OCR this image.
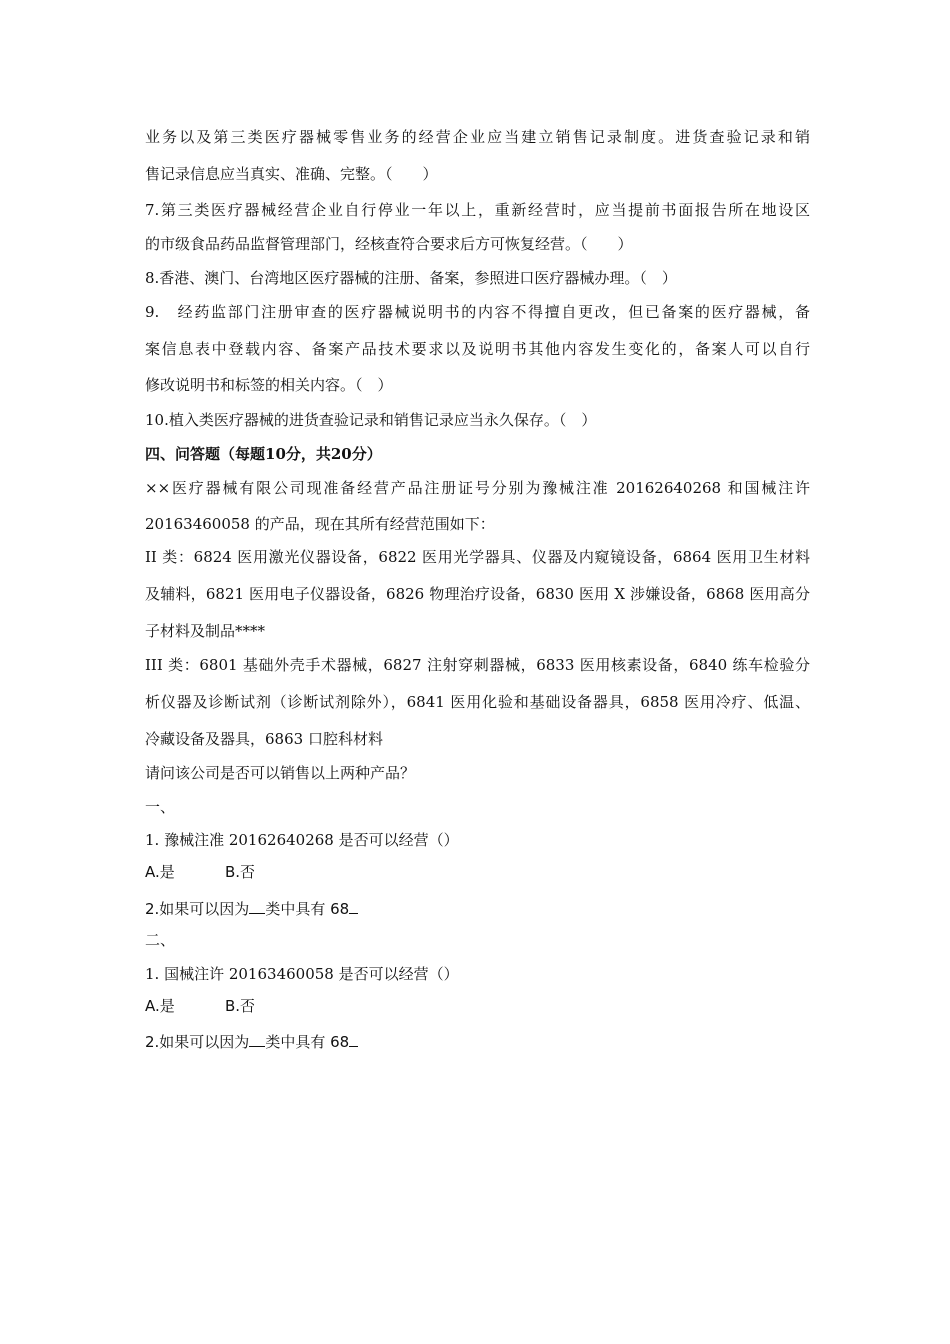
业务以及第三类医疗器械零售业务的经营企业应当建立销售记录制度。进货查验记录和销
售记录信息应当真实、准确、完整。（　　）
7.第三类医疗器械经营企业自行停业一年以上，重新经营时，应当提前书面报告所在地设区
的市级食品药品监督管理部门，经核查符合要求后方可恢复经营。（　　）
8.香港、澳门、台湾地区医疗器械的注册、备案，参照进口医疗器械办理。（　）
9.　经药监部门注册审查的医疗器械说明书的内容不得擅自更改，但已备案的医疗器械，备
案信息表中登载内容、备案产品技术要求以及说明书其他内容发生变化的，备案人可以自行
修改说明书和标签的相关内容。（　）
10.植入类医疗器械的进货查验记录和销售记录应当永久保存。（　）
四、问答题（每题10分，共20分）
××医疗器械有限公司现准备经营产品注册证号分别为豫械注准 20162640268 和国械注许
20163460058 的产品，现在其所有经营范围如下：
II 类：6824 医用激光仪器设备，6822 医用光学器具、仪器及内窥镜设备，6864 医用卫生材料
及辅料，6821 医用电子仪器设备，6826 物理治疗设备，6830 医用 X 涉嫌设备，6868 医用高分
子材料及制品****
III 类：6801 基础外壳手术器械，6827 注射穿刺器械，6833 医用核素设备，6840 练车检验分
析仪器及诊断试剂（诊断试剂除外），6841 医用化验和基础设备器具，6858 医用冷疗、低温、
冷藏设备及器具，6863 口腔科材料
请问该公司是否可以销售以上两种产品？
一、
1. 豫械注准 20162640268 是否可以经营（）
A.是	B.否
2.如果可以因为 类中具有 68
二、
1. 国械注许 20163460058 是否可以经营（）
A.是	B.否
2.如果可以因为 类中具有 68
